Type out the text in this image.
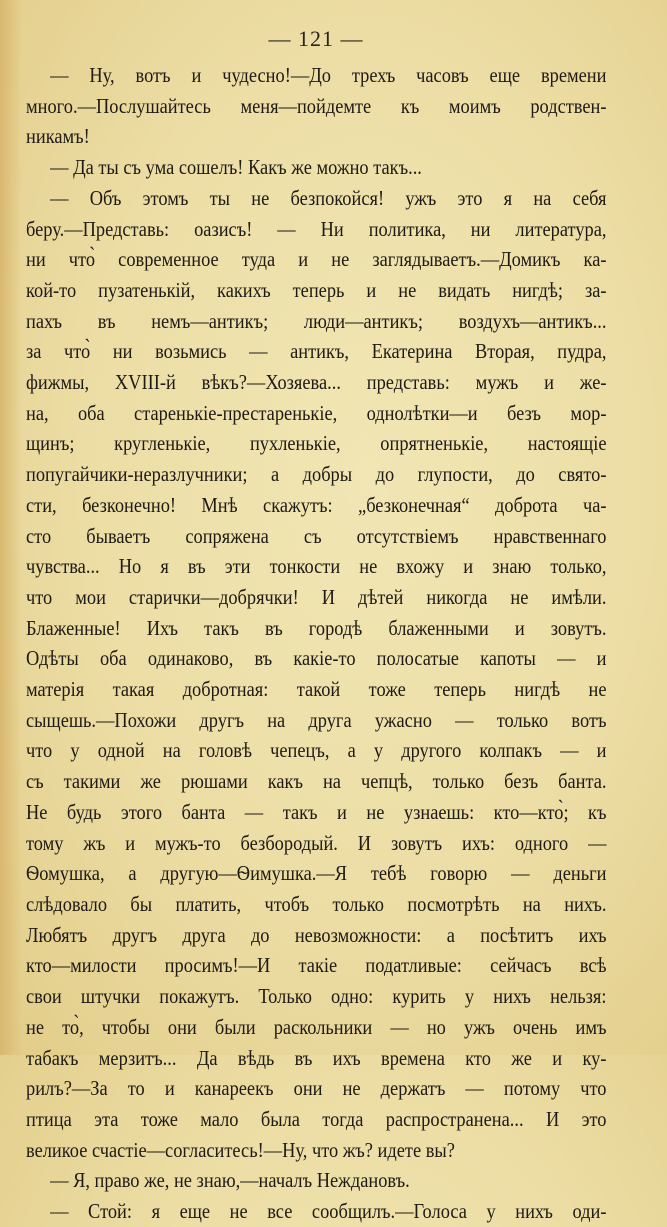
— 121 —
— Ну, вотъ и чудесно!—До трехъ часовъ еще времени
много.—Послушайтесь меня—пойдемте къ моимъ родствен-
никамъ!
— Да ты съ ума сошелъ! Какъ же можно такъ...
— Объ этомъ ты не безпокойся! ужъ это я на себя
беру.—Представь: оазисъ! — Ни политика, ни литература,
ни что̀ современное туда и не заглядываетъ.—Домикъ ка-
кой-то пузатенькій, какихъ теперь и не видать нигдѣ; за-
пахъ въ немъ—антикъ; люди—антикъ; воздухъ—антикъ...
за что̀ ни возьмись — антикъ, Екатерина Вторая, пудра,
фижмы, XVIII-й вѣкъ?—Хозяева... представь: мужъ и же-
на, оба старенькіе-престаренькіе, однолѣтки—и безъ мор-
щинъ; кругленькіе, пухленькіе, опрятненькіе, настоящіе
попугайчики-неразлучники; а добры до глупости, до свято-
сти, безконечно! Мнѣ скажутъ: „безконечная“ доброта ча-
сто бываетъ сопряжена съ отсутствіемъ нравственнаго
чувства... Но я въ эти тонкости не вхожу и знаю только,
что мои старички—добрячки! И дѣтей никогда не имѣли.
Блаженные! Ихъ такъ въ городѣ блаженными и зовутъ.
Одѣты оба одинаково, въ какіе-то полосатые капоты — и
матерія такая добротная: такой тоже теперь нигдѣ не
сыщешь.—Похожи другъ на друга ужасно — только вотъ
что у одной на головѣ чепецъ, а у другого колпакъ — и
съ такими же рюшами какъ на чепцѣ, только безъ банта.
Не будь этого банта — такъ и не узнаешь: кто—кто̀; къ
тому жъ и мужъ-то безбородый. И зовутъ ихъ: одного —
Ѳомушка, а другую—Ѳимушка.—Я тебѣ говорю — деньги
слѣдовало бы платить, чтобъ только посмотрѣть на нихъ.
Любятъ другъ друга до невозможности: а посѣтитъ ихъ
кто—милости просимъ!—И такіе податливые: сейчасъ всѣ
свои штучки покажутъ. Только одно: курить у нихъ нельзя:
не то̀, чтобы они были раскольники — но ужъ очень имъ
табакъ мерзитъ... Да вѣдь въ ихъ времена кто же и ку-
рилъ?—За то и канареекъ они не держатъ — потому что
птица эта тоже мало была тогда распространена... И это
великое счастіе—согласитесь!—Ну, что жъ? идете вы?
— Я, право же, не знаю,—началъ Неждановъ.
— Стой: я еще не все сообщилъ.—Голоса у нихъ оди-
